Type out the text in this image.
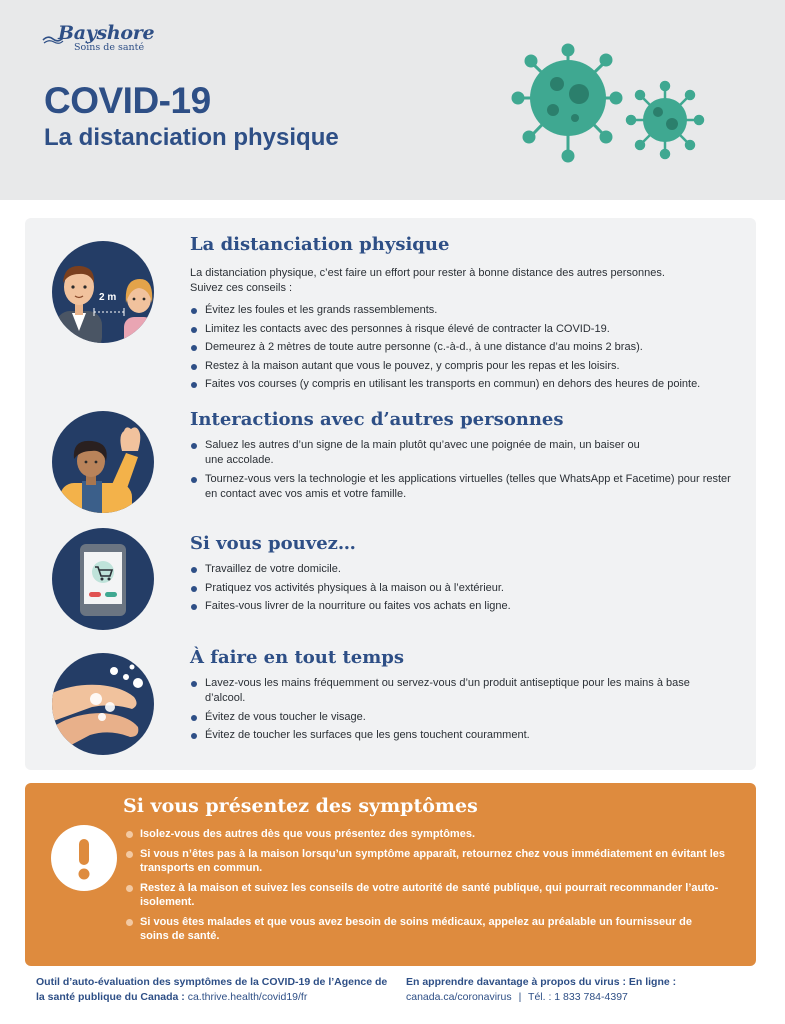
Bayshore
Soins de santé
COVID-19
La distanciation physique
2 m
La distanciation physique
La distanciation physique, c’est faire un effort pour rester à bonne distance des autres personnes. Suivez ces conseils :
Évitez les foules et les grands rassemblements.
Limitez les contacts avec des personnes à risque élevé de contracter la COVID-19.
Demeurez à 2 mètres de toute autre personne (c.-à-d., à une distance d’au moins 2 bras).
Restez à la maison autant que vous le pouvez, y compris pour les repas et les loisirs.
Faites vos courses (y compris en utilisant les transports en commun) en dehors des heures de pointe.
Interactions avec d’autres personnes
Saluez les autres d’un signe de la main plutôt qu’avec une poignée de main, un baiser ou une accolade.
Tournez-vous vers la technologie et les applications virtuelles (telles que WhatsApp et Facetime) pour rester en contact avec vos amis et votre famille.
Si vous pouvez…
Travaillez de votre domicile.
Pratiquez vos activités physiques à la maison ou à l’extérieur.
Faites-vous livrer de la nourriture ou faites vos achats en ligne.
À faire en tout temps
Lavez-vous les mains fréquemment ou servez-vous d’un produit antiseptique pour les mains à base d’alcool.
Évitez de vous toucher le visage.
Évitez de toucher les surfaces que les gens touchent couramment.
Si vous présentez des symptômes
Isolez-vous des autres dès que vous présentez des symptômes.
Si vous n’êtes pas à la maison lorsqu’un symptôme apparaît, retournez chez vous immédiatement en évitant les transports en commun.
Restez à la maison et suivez les conseils de votre autorité de santé publique, qui pourrait recommander l’auto-isolement.
Si vous êtes malades et que vous avez besoin de soins médicaux, appelez au préalable un fournisseur de soins de santé.
Outil d’auto-évaluation des symptômes de la COVID-19 de l’Agence de la santé publique du Canada : ca.thrive.health/covid19/fr
En apprendre davantage à propos du virus : En ligne :
canada.ca/coronavirus | Tél. : 1 833 784-4397
